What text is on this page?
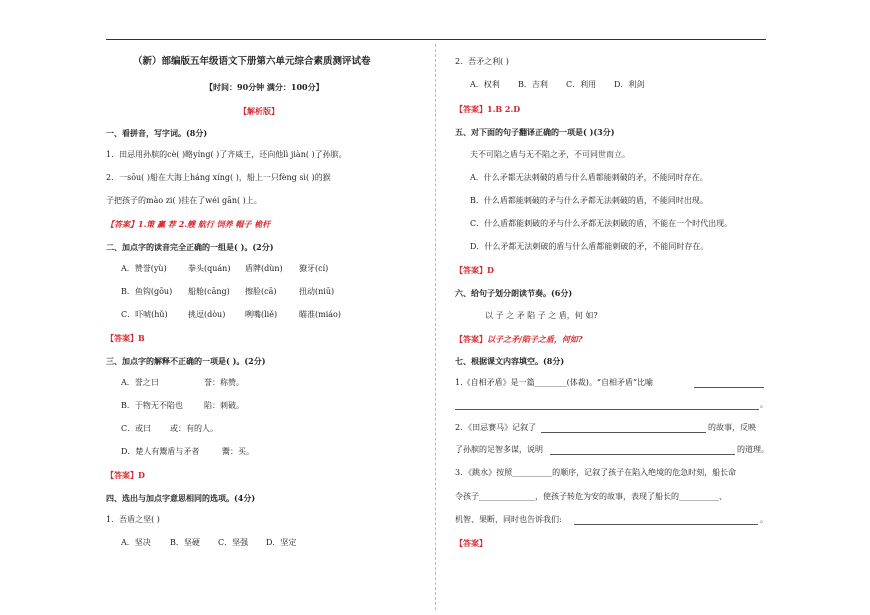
（新）部编版五年级语文下册第六单元综合素质测评试卷
【时间：90分钟 满分：100分】
【解析版】
一、看拼音，写字词。(8分)
1．田忌用孙膑的cè( )略yíng( )了齐威王，还向他lì jiàn( )了孙膑。
2．一sōu( )船在大海上háng xíng( )，船上一只fèng sì( )的猴
子把孩子的mào zi( )挂在了wéi gān( )上。
【答案】1.策 赢 荐 2.艘 航行 饲养 帽子 桅杆
二、加点字的读音完全正确的一组是( )。(2分)
A．赞誉(yù)	拳头(quán) 盾牌(dùn) 獠牙(cí)
B．鱼钩(gōu) 船舱(cāng) 擦脸(cā)	扭动(niū)
C．吓唬(hǔ)	挑逗(dòu) 咧嘴(liě)	瞄准(miáo)
【答案】B
三、加点字的解释不正确的一项是( )。(2分)
A．誉之曰	誉：称赞。
B．于物无不陷也	陷：刺破。
C．或曰 或：有的人。
D．楚人有鬻盾与矛者	鬻：买。
【答案】D
四、选出与加点字意思相同的选项。(4分)
1．吾盾之坚( )
A．坚决 B．坚硬 C．坚强 D．坚定
2．吾矛之利( )
A．权利 B．吉利 C．利用 D．利剑
【答案】1.B 2.D
五、对下面的句子翻译正确的一项是( )(3分)
夫不可陷之盾与无不陷之矛，不可同世而立。
A．什么矛都无法刺破的盾与什么盾都能刺破的矛，不能同时存在。
B．什么盾都能刺破的矛与什么矛都无法刺破的盾，不能同时出现。
C．什么盾都能刺破的矛与什么矛都无法刺破的盾，不能在一个时代出现。
D．什么矛都无法刺破的盾与什么盾都能刺破的矛，不能同时存在。
【答案】D
六、给句子划分朗读节奏。(6分)
以 子 之 矛 陷 子 之 盾，何 如?
【答案】以子之矛/陷子之盾，何如?
七、根据课文内容填空。(8分)
1.《自相矛盾》是一篇________(体裁)。“自相矛盾”比喻
。
2．《田忌赛马》记叙了	的故事，反映
了孙膑的足智多谋，说明	的道理。
3．《跳水》按照__________的顺序，记叙了孩子在陷入绝境的危急时刻，船长命
令孩子______________，使孩子转危为安的故事，表现了船长的__________、
机智、果断，同时也告诉我们:	。
【答案】
